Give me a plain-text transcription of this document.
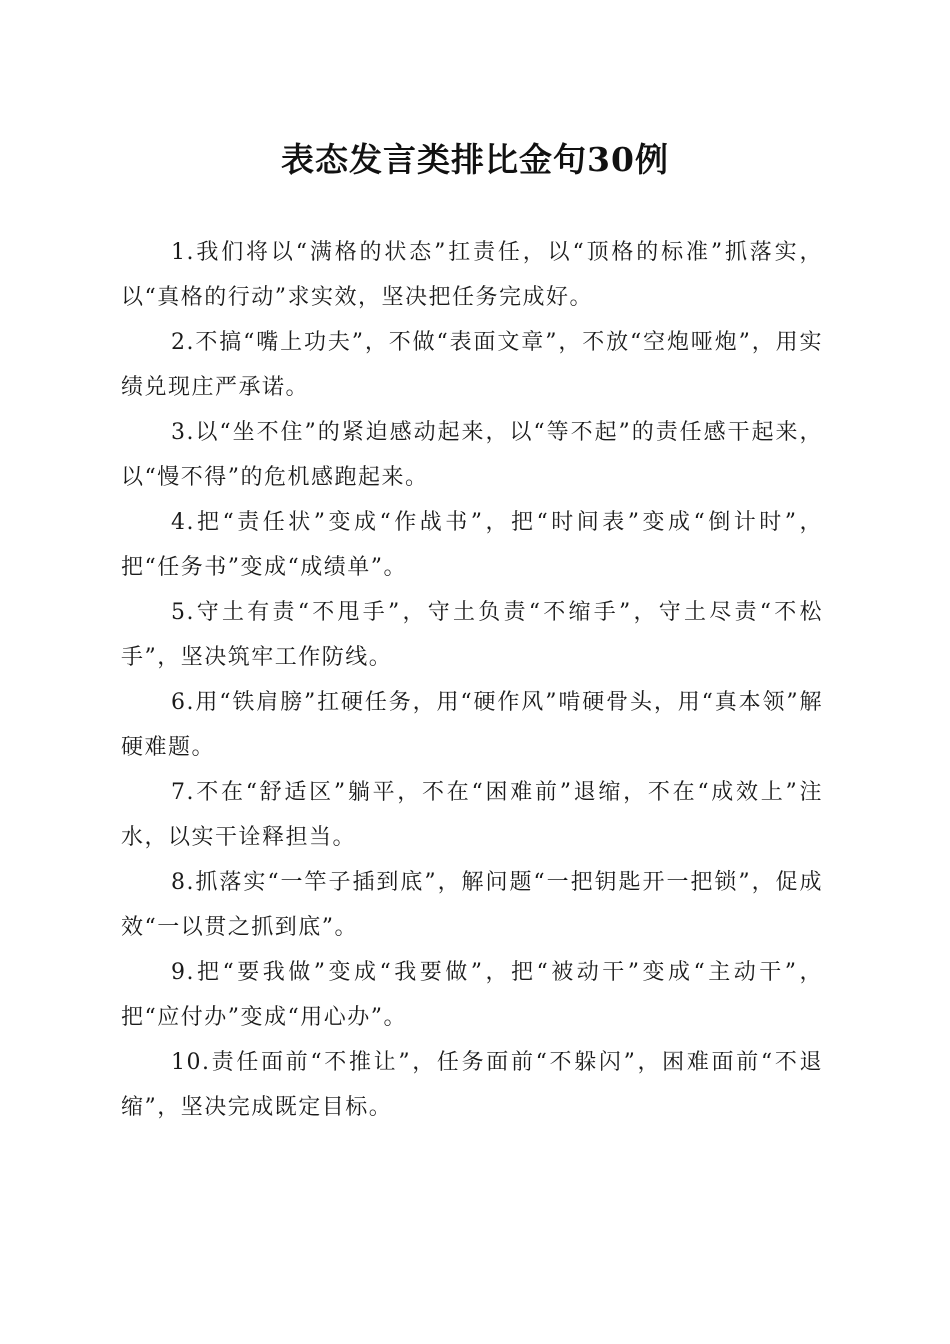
表态发言类排比金句30例

1.我们将以“满格的状态”扛责任，以“顶格的标准”抓落实，以“真格的行动”求实效，坚决把任务完成好。

2.不搞“嘴上功夫”，不做“表面文章”，不放“空炮哑炮”，用实绩兑现庄严承诺。

3.以“坐不住”的紧迫感动起来，以“等不起”的责任感干起来，以“慢不得”的危机感跑起来。

4.把“责任状”变成“作战书”，把“时间表”变成“倒计时”，把“任务书”变成“成绩单”。

5.守土有责“不甩手”，守土负责“不缩手”，守土尽责“不松手”，坚决筑牢工作防线。

6.用“铁肩膀”扛硬任务，用“硬作风”啃硬骨头，用“真本领”解硬难题。

7.不在“舒适区”躺平，不在“困难前”退缩，不在“成效上”注水，以实干诠释担当。

8.抓落实“一竿子插到底”，解问题“一把钥匙开一把锁”，促成效“一以贯之抓到底”。

9.把“要我做”变成“我要做”，把“被动干”变成“主动干”，把“应付办”变成“用心办”。

10.责任面前“不推让”，任务面前“不躲闪”，困难面前“不退缩”，坚决完成既定目标。
